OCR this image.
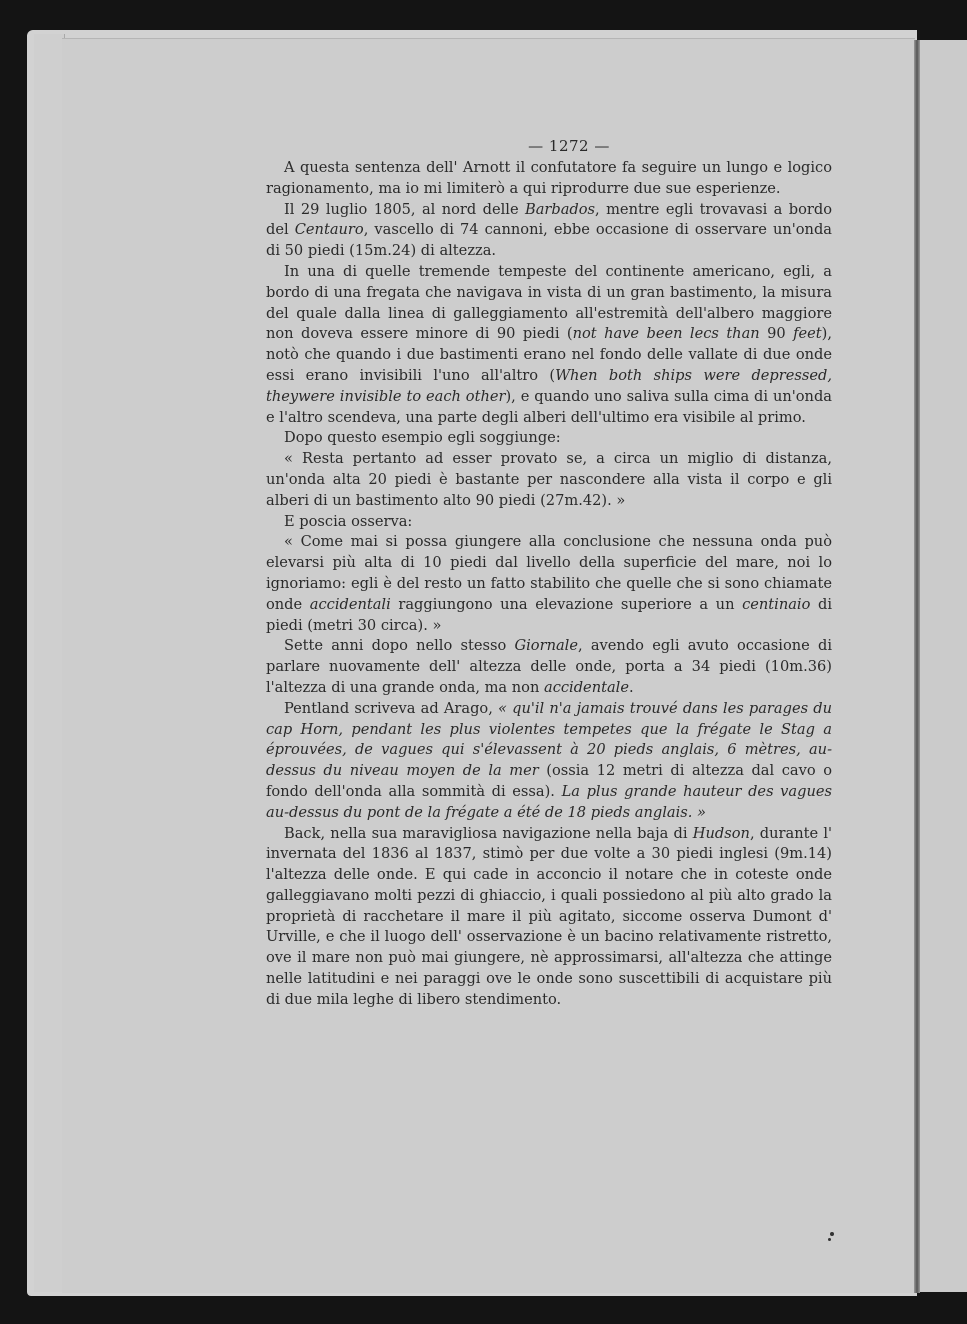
— 1272 —

A questa sentenza dell' Arnott il confutatore fa seguire un lungo e logico ragionamento, ma io mi limiterò a qui riprodurre due sue esperienze.

Il 29 luglio 1805, al nord delle Barbados, mentre egli trovavasi a bordo del Centauro, vascello di 74 cannoni, ebbe occasione di osservare un'onda di 50 piedi (15m.24) di altezza.

In una di quelle tremende tempeste del continente americano, egli, a bordo di una fregata che navigava in vista di un gran bastimento, la misura del quale dalla linea di galleggiamento all'estremità dell'albero maggiore non doveva essere minore di 90 piedi (not have been lecs than 90 feet), notò che quando i due bastimenti erano nel fondo delle vallate di due onde essi erano invisibili l'uno all'altro (When both ships were depressed, theywere invisible to each other), e quando uno saliva sulla cima di un'onda e l'altro scendeva, una parte degli alberi dell'ultimo era visibile al primo.

Dopo questo esempio egli soggiunge:

« Resta pertanto ad esser provato se, a circa un miglio di distanza, un'onda alta 20 piedi è bastante per nascondere alla vista il corpo e gli alberi di un bastimento alto 90 piedi (27m.42). »

E poscia osserva:

« Come mai si possa giungere alla conclusione che nessuna onda può elevarsi più alta di 10 piedi dal livello della superficie del mare, noi lo ignoriamo: egli è del resto un fatto stabilito che quelle che si sono chiamate onde accidentali raggiungono una elevazione superiore a un centinaio di piedi (metri 30 circa). »

Sette anni dopo nello stesso Giornale, avendo egli avuto occasione di parlare nuovamente dell' altezza delle onde, porta a 34 piedi (10m.36) l'altezza di una grande onda, ma non accidentale.

Pentland scriveva ad Arago, « qu'il n'a jamais trouvé dans les parages du cap Horn, pendant les plus violentes tempetes que la frégate le Stag a éprouvées, de vagues qui s'élevassent à 20 pieds anglais, 6 mètres, au-dessus du niveau moyen de la mer (ossia 12 metri di altezza dal cavo o fondo dell'onda alla sommità di essa). La plus grande hauteur des vagues au-dessus du pont de la frégate a été de 18 pieds anglais. »

Back, nella sua maravigliosa navigazione nella baja di Hudson, durante l' invernata del 1836 al 1837, stimò per due volte a 30 piedi inglesi (9m.14) l'altezza delle onde. E qui cade in acconcio il notare che in coteste onde galleggiavano molti pezzi di ghiaccio, i quali possiedono al più alto grado la proprietà di racchetare il mare il più agitato, siccome osserva Dumont d' Urville, e che il luogo dell' osservazione è un bacino relativamente ristretto, ove il mare non può mai giungere, nè approssimarsi, all'altezza che attinge nelle latitudini e nei paraggi ove le onde sono suscettibili di acquistare più di due mila leghe di libero stendimento.
